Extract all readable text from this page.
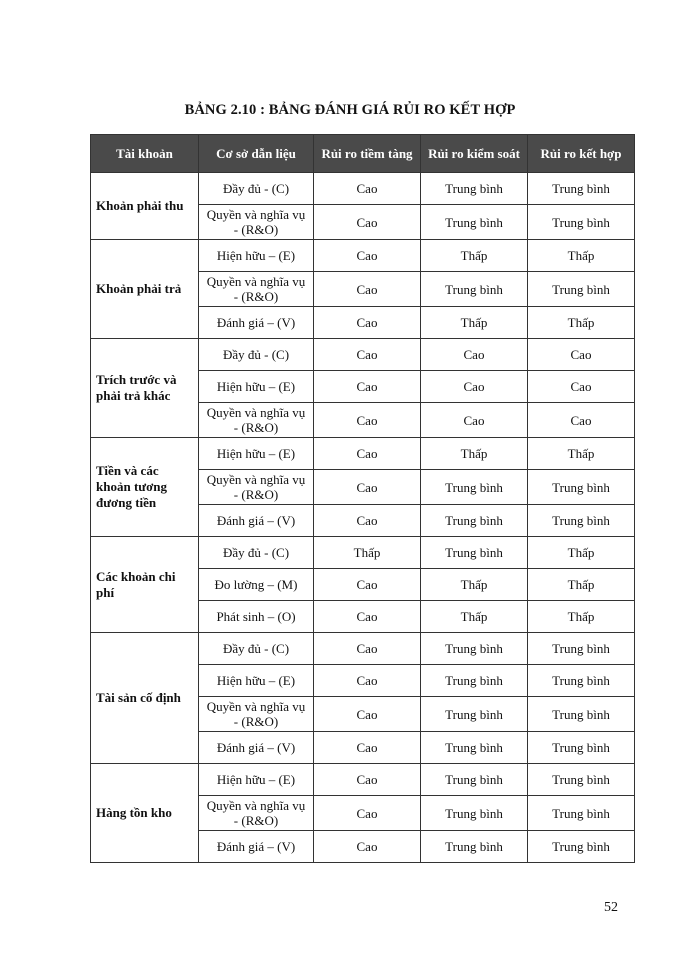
BẢNG 2.10 : BẢNG ĐÁNH GIÁ RỦI RO KẾT HỢP
Tài khoản	Cơ sở dẫn liệu	Rủi ro tiềm tàng	Rủi ro kiểm soát	Rủi ro kết hợp
Khoản phải thu	Đầy đủ - (C)	Cao	Trung bình	Trung bình
	Quyền và nghĩa vụ - (R&O)	Cao	Trung bình	Trung bình
Khoản phải trả	Hiện hữu – (E)	Cao	Thấp	Thấp
	Quyền và nghĩa vụ - (R&O)	Cao	Trung bình	Trung bình
	Đánh giá – (V)	Cao	Thấp	Thấp
Trích trước và phải trả khác	Đầy đủ - (C)	Cao	Cao	Cao
	Hiện hữu – (E)	Cao	Cao	Cao
	Quyền và nghĩa vụ - (R&O)	Cao	Cao	Cao
Tiền và các khoản tương đương tiền	Hiện hữu – (E)	Cao	Thấp	Thấp
	Quyền và nghĩa vụ - (R&O)	Cao	Trung bình	Trung bình
	Đánh giá – (V)	Cao	Trung bình	Trung bình
Các khoản chi phí	Đầy đủ - (C)	Thấp	Trung bình	Thấp
	Đo lường – (M)	Cao	Thấp	Thấp
	Phát sinh – (O)	Cao	Thấp	Thấp
Tài sản cố định	Đầy đủ - (C)	Cao	Trung bình	Trung bình
	Hiện hữu – (E)	Cao	Trung bình	Trung bình
	Quyền và nghĩa vụ - (R&O)	Cao	Trung bình	Trung bình
	Đánh giá – (V)	Cao	Trung bình	Trung bình
Hàng tồn kho	Hiện hữu – (E)	Cao	Trung bình	Trung bình
	Quyền và nghĩa vụ - (R&O)	Cao	Trung bình	Trung bình
	Đánh giá – (V)	Cao	Trung bình	Trung bình
52
